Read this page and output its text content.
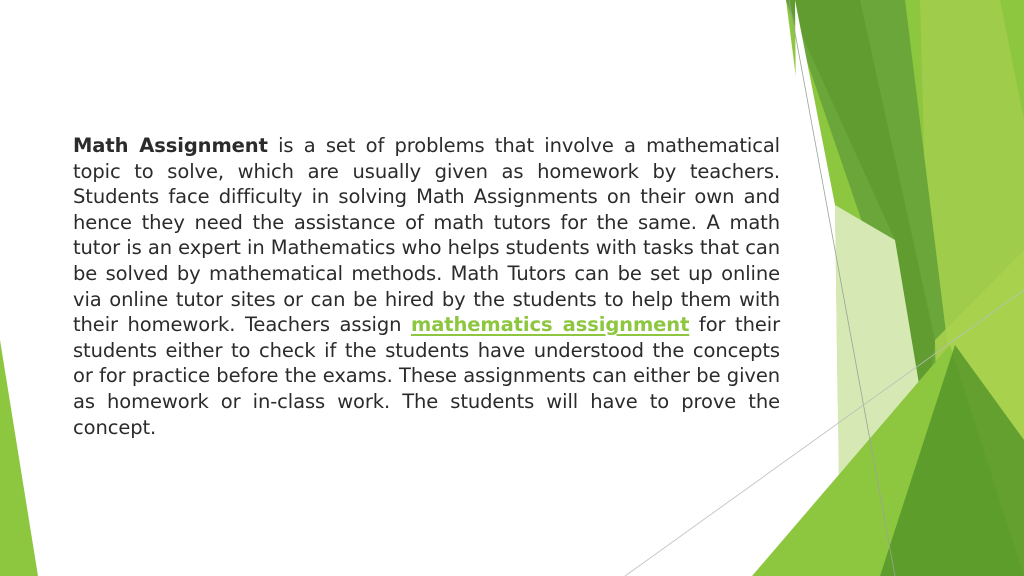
Math Assignment is a set of problems that involve a mathematical topic to solve, which are usually given as homework by teachers. Students face difficulty in solving Math Assignments on their own and hence they need the assistance of math tutors for the same. A math tutor is an expert in Mathematics who helps students with tasks that can be solved by mathematical methods. Math Tutors can be set up online via online tutor sites or can be hired by the students to help them with their homework. Teachers assign mathematics assignment for their students either to check if the students have understood the concepts or for practice before the exams. These assignments can either be given as homework or in-class work. The students will have to prove the concept.
